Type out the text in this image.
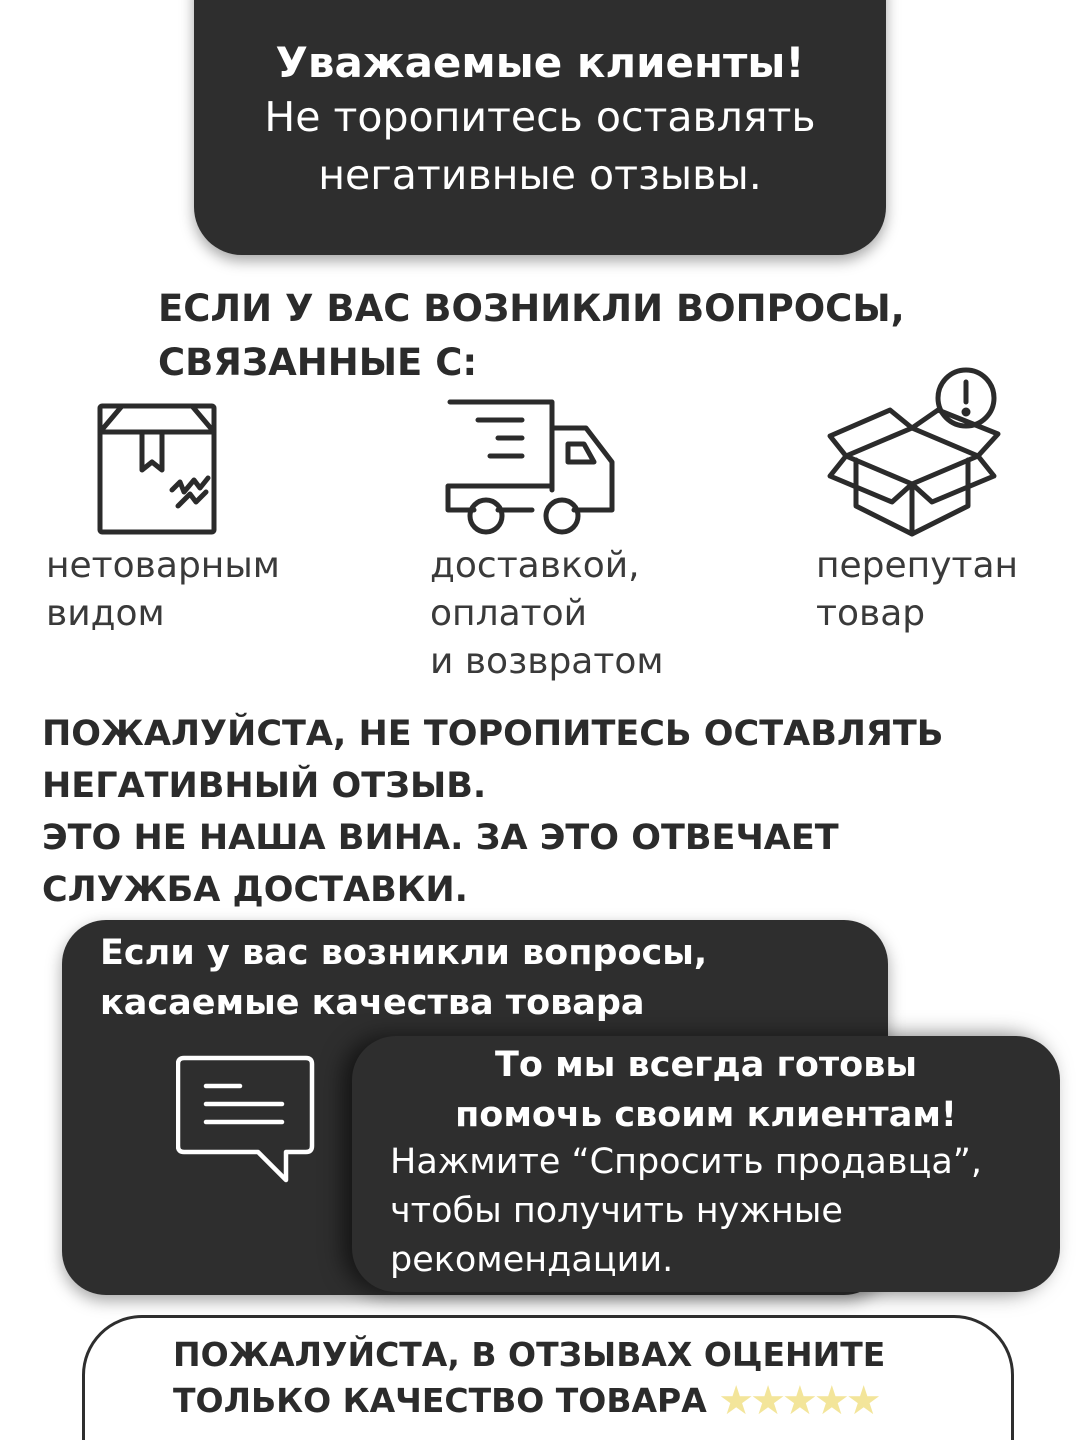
Уважаемые клиенты!
Не торопитесь оставлять
негативные отзывы.
ЕСЛИ У ВАС ВОЗНИКЛИ ВОПРОСЫ,
СВЯЗАННЫЕ С:
нетоварным
видом
доставкой,
оплатой
и возвратом
перепутан
товар
ПОЖАЛУЙСТА, НЕ ТОРОПИТЕСЬ ОСТАВЛЯТЬ
НЕГАТИВНЫЙ ОТЗЫВ.
ЭТО НЕ НАША ВИНА. ЗА ЭТО ОТВЕЧАЕТ
СЛУЖБА ДОСТАВКИ.
Если у вас возникли вопросы,
касаемые качества товара
То мы всегда готовы
помочь своим клиентам!
Нажмите “Спросить продавца”,
чтобы получить нужные
рекомендации.
ПОЖАЛУЙСТА, В ОТЗЫВАХ ОЦЕНИТЕ
ТОЛЬКО КАЧЕСТВО ТОВАРА ★★★★★
